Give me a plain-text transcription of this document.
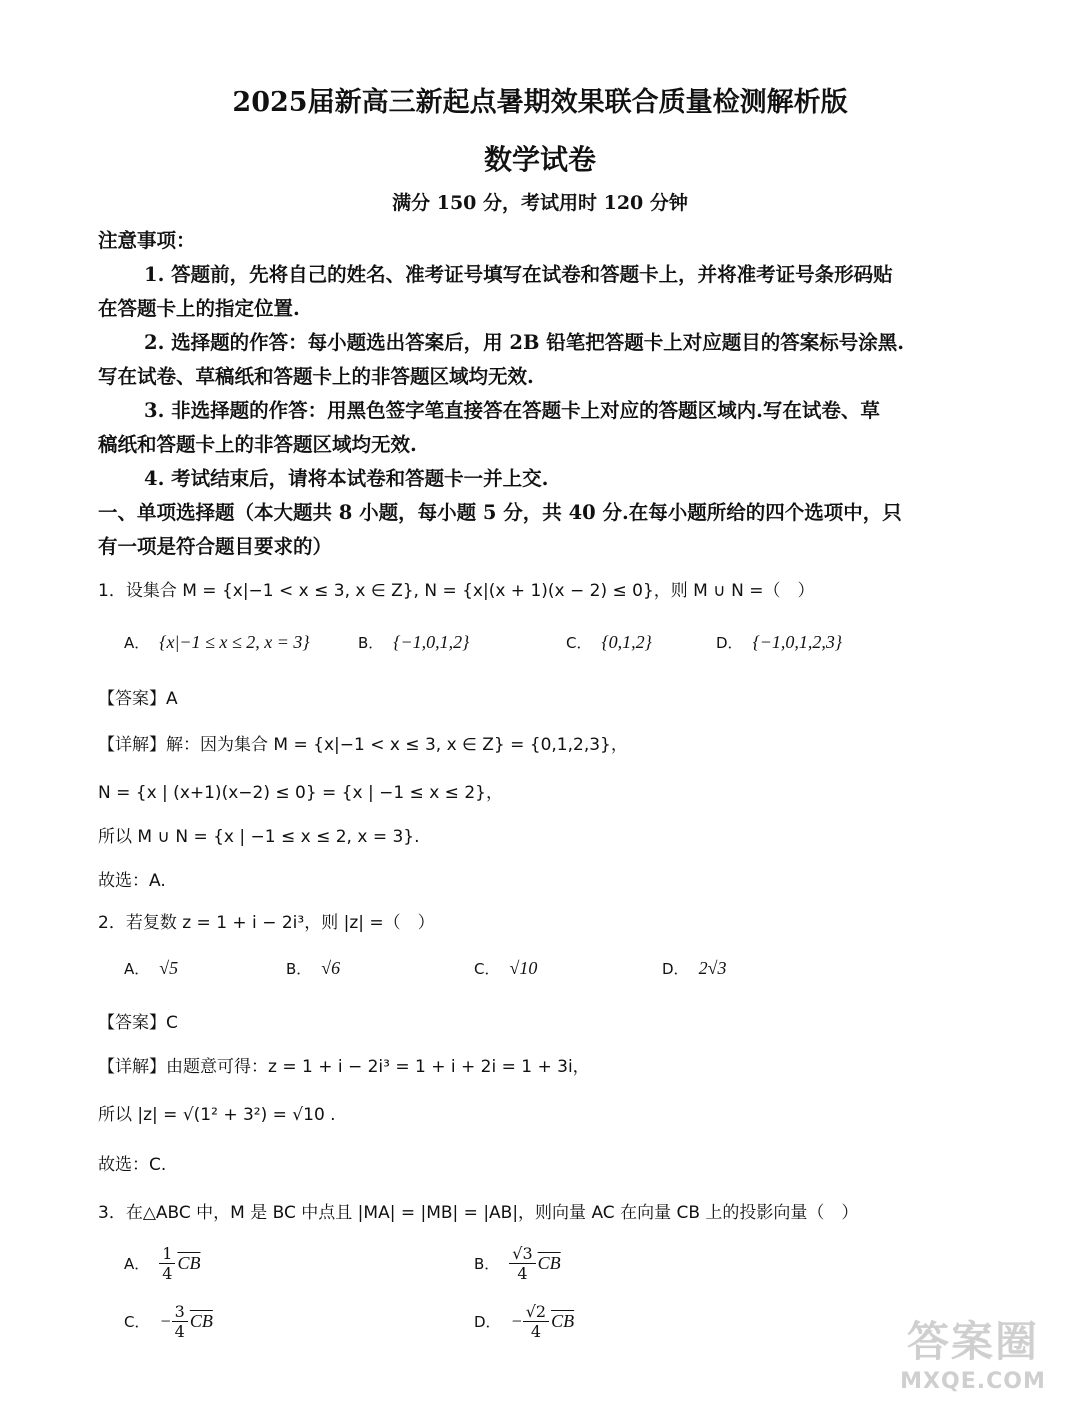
2025届新高三新起点暑期效果联合质量检测解析版
数学试卷
满分 150 分，考试用时 120 分钟
注意事项：
1. 答题前，先将自己的姓名、准考证号填写在试卷和答题卡上，并将准考证号条形码贴
在答题卡上的指定位置.
2. 选择题的作答：每小题选出答案后，用 2B 铅笔把答题卡上对应题目的答案标号涂黑.
写在试卷、草稿纸和答题卡上的非答题区域均无效.
3. 非选择题的作答：用黑色签字笔直接答在答题卡上对应的答题区域内.写在试卷、草
稿纸和答题卡上的非答题区域均无效.
4. 考试结束后，请将本试卷和答题卡一并上交.
一、单项选择题（本大题共 8 小题，每小题 5 分，共 40 分.在每小题所给的四个选项中，只
有一项是符合题目要求的）
1．设集合 M = {x|−1 < x ≤ 3, x ∈ Z}, N = {x|(x + 1)(x − 2) ≤ 0}，则 M ∪ N =（　）
A． {x|−1 ≤ x ≤ 2, x = 3}	B． {−1,0,1,2}	C． {0,1,2}	D． {−1,0,1,2,3}
【答案】A
【详解】解：因为集合 M = {x|−1 < x ≤ 3, x ∈ Z} = {0,1,2,3}，
N = {x | (x+1)(x−2) ≤ 0} = {x | −1 ≤ x ≤ 2}，
所以 M ∪ N = {x | −1 ≤ x ≤ 2, x = 3}.
故选：A.
2．若复数 z = 1 + i − 2i³，则 |z| =（　）
A． √5	B． √6	C． √10	D． 2√3
【答案】C
【详解】由题意可得：z = 1 + i − 2i³ = 1 + i + 2i = 1 + 3i，
所以 |z| = √(1² + 3²) = √10 .
故选：C.
3．在△ABC 中，M 是 BC 中点且 |MA| = |MB| = |AB|，则向量 AC 在向量 CB 上的投影向量（　）
A． $\frac{1}{4} \overline{CB}$	B． $\frac{√3}{4} \overline{CB}$
C． − $\frac{3}{4} \overline{CB}$	D． − $\frac{√2}{4} \overline{CB}$	答案圈
MXQE.COM
